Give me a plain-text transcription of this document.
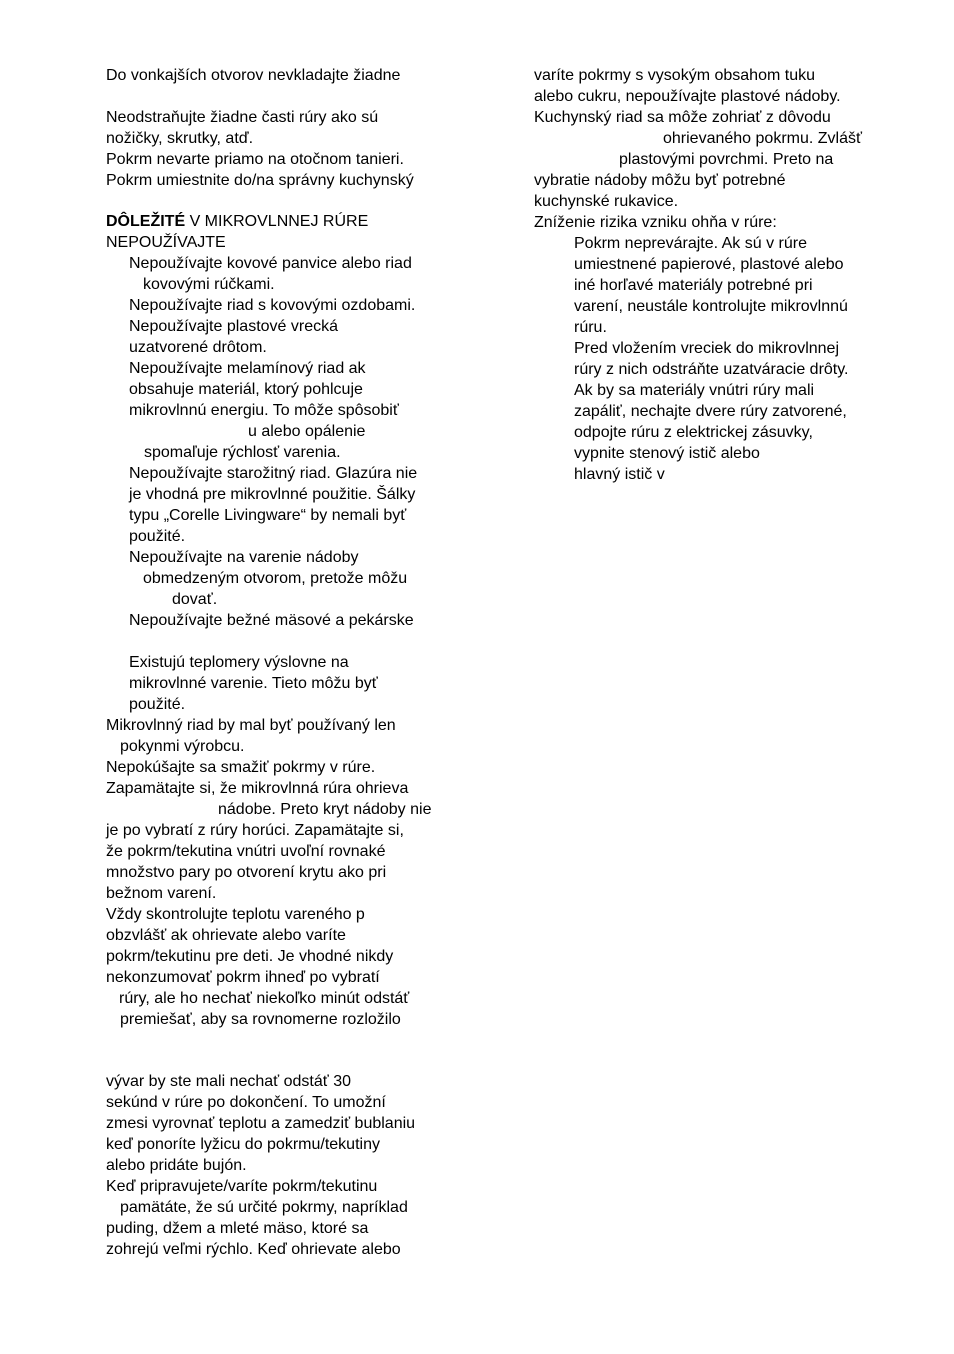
Do vonkajších otvorov nevkladajte žiadne
Neodstraňujte žiadne časti rúry ako sú
nožičky, skrutky, atď.
Pokrm nevarte priamo na otočnom tanieri.
Pokrm umiestnite do/na správny kuchynský
DÔLEŽITÉ V MIKROVLNNEJ RÚRE
NEPOUŽÍVAJTE
Nepoužívajte kovové panvice alebo riad
kovovými rúčkami.
Nepoužívajte riad s kovovými ozdobami.
Nepoužívajte plastové vrecká
uzatvorené drôtom.
Nepoužívajte melamínový riad ak
obsahuje materiál, ktorý pohlcuje
mikrovlnnú energiu. To môže spôsobiť
u alebo opálenie
spomaľuje rýchlosť varenia.
Nepoužívajte starožitný riad. Glazúra nie
je vhodná pre mikrovlnné použitie. Šálky
typu „Corelle Livingware“ by nemali byť
použité.
Nepoužívajte na varenie nádoby
obmedzeným otvorom, pretože môžu
dovať.
Nepoužívajte bežné mäsové a pekárske
Existujú teplomery výslovne na
mikrovlnné varenie. Tieto môžu byť
použité.
Mikrovlnný riad by mal byť používaný len
pokynmi výrobcu.
Nepokúšajte sa smažiť pokrmy v rúre.
Zapamätajte si, že mikrovlnná rúra ohrieva
nádobe. Preto kryt nádoby nie
je po vybratí z rúry horúci. Zapamätajte si,
že pokrm/tekutina vnútri uvoľní rovnaké
množstvo pary po otvorení krytu ako pri
bežnom varení.
Vždy skontrolujte teplotu vareného p
obzvlášť ak ohrievate alebo varíte
pokrm/tekutinu pre deti. Je vhodné nikdy
nekonzumovať pokrm ihneď po vybratí
rúry, ale ho nechať niekoľko minút odstáť
premiešať, aby sa rovnomerne rozložilo
vývar by ste mali nechať odstáť 30
sekúnd v rúre po dokončení. To umožní
zmesi vyrovnať teplotu a zamedziť bublaniu
keď ponoríte lyžicu do pokrmu/tekutiny
alebo pridáte bujón.
Keď pripravujete/varíte pokrm/tekutinu
pamätáte, že sú určité pokrmy, napríklad
puding, džem a mleté mäso, ktoré sa
zohrejú veľmi rýchlo. Keď ohrievate alebo
varíte pokrmy s vysokým obsahom tuku
alebo cukru, nepoužívajte plastové nádoby.
Kuchynský riad sa môže zohriať z dôvodu
ohrievaného pokrmu. Zvlášť
plastovými povrchmi. Preto na
vybratie nádoby môžu byť potrebné
kuchynské rukavice.
Zníženie rizika vzniku ohňa v rúre:
Pokrm neprevárajte. Ak sú v rúre
umiestnené papierové, plastové alebo
iné horľavé materiály potrebné pri
varení, neustále kontrolujte mikrovlnnú
rúru.
Pred vložením vreciek do mikrovlnnej
rúry z nich odstráňte uzatváracie drôty.
Ak by sa materiály vnútri rúry mali
zapáliť, nechajte dvere rúry zatvorené,
odpojte rúru z elektrickej zásuvky,
vypnite stenový istič alebo
hlavný istič v
